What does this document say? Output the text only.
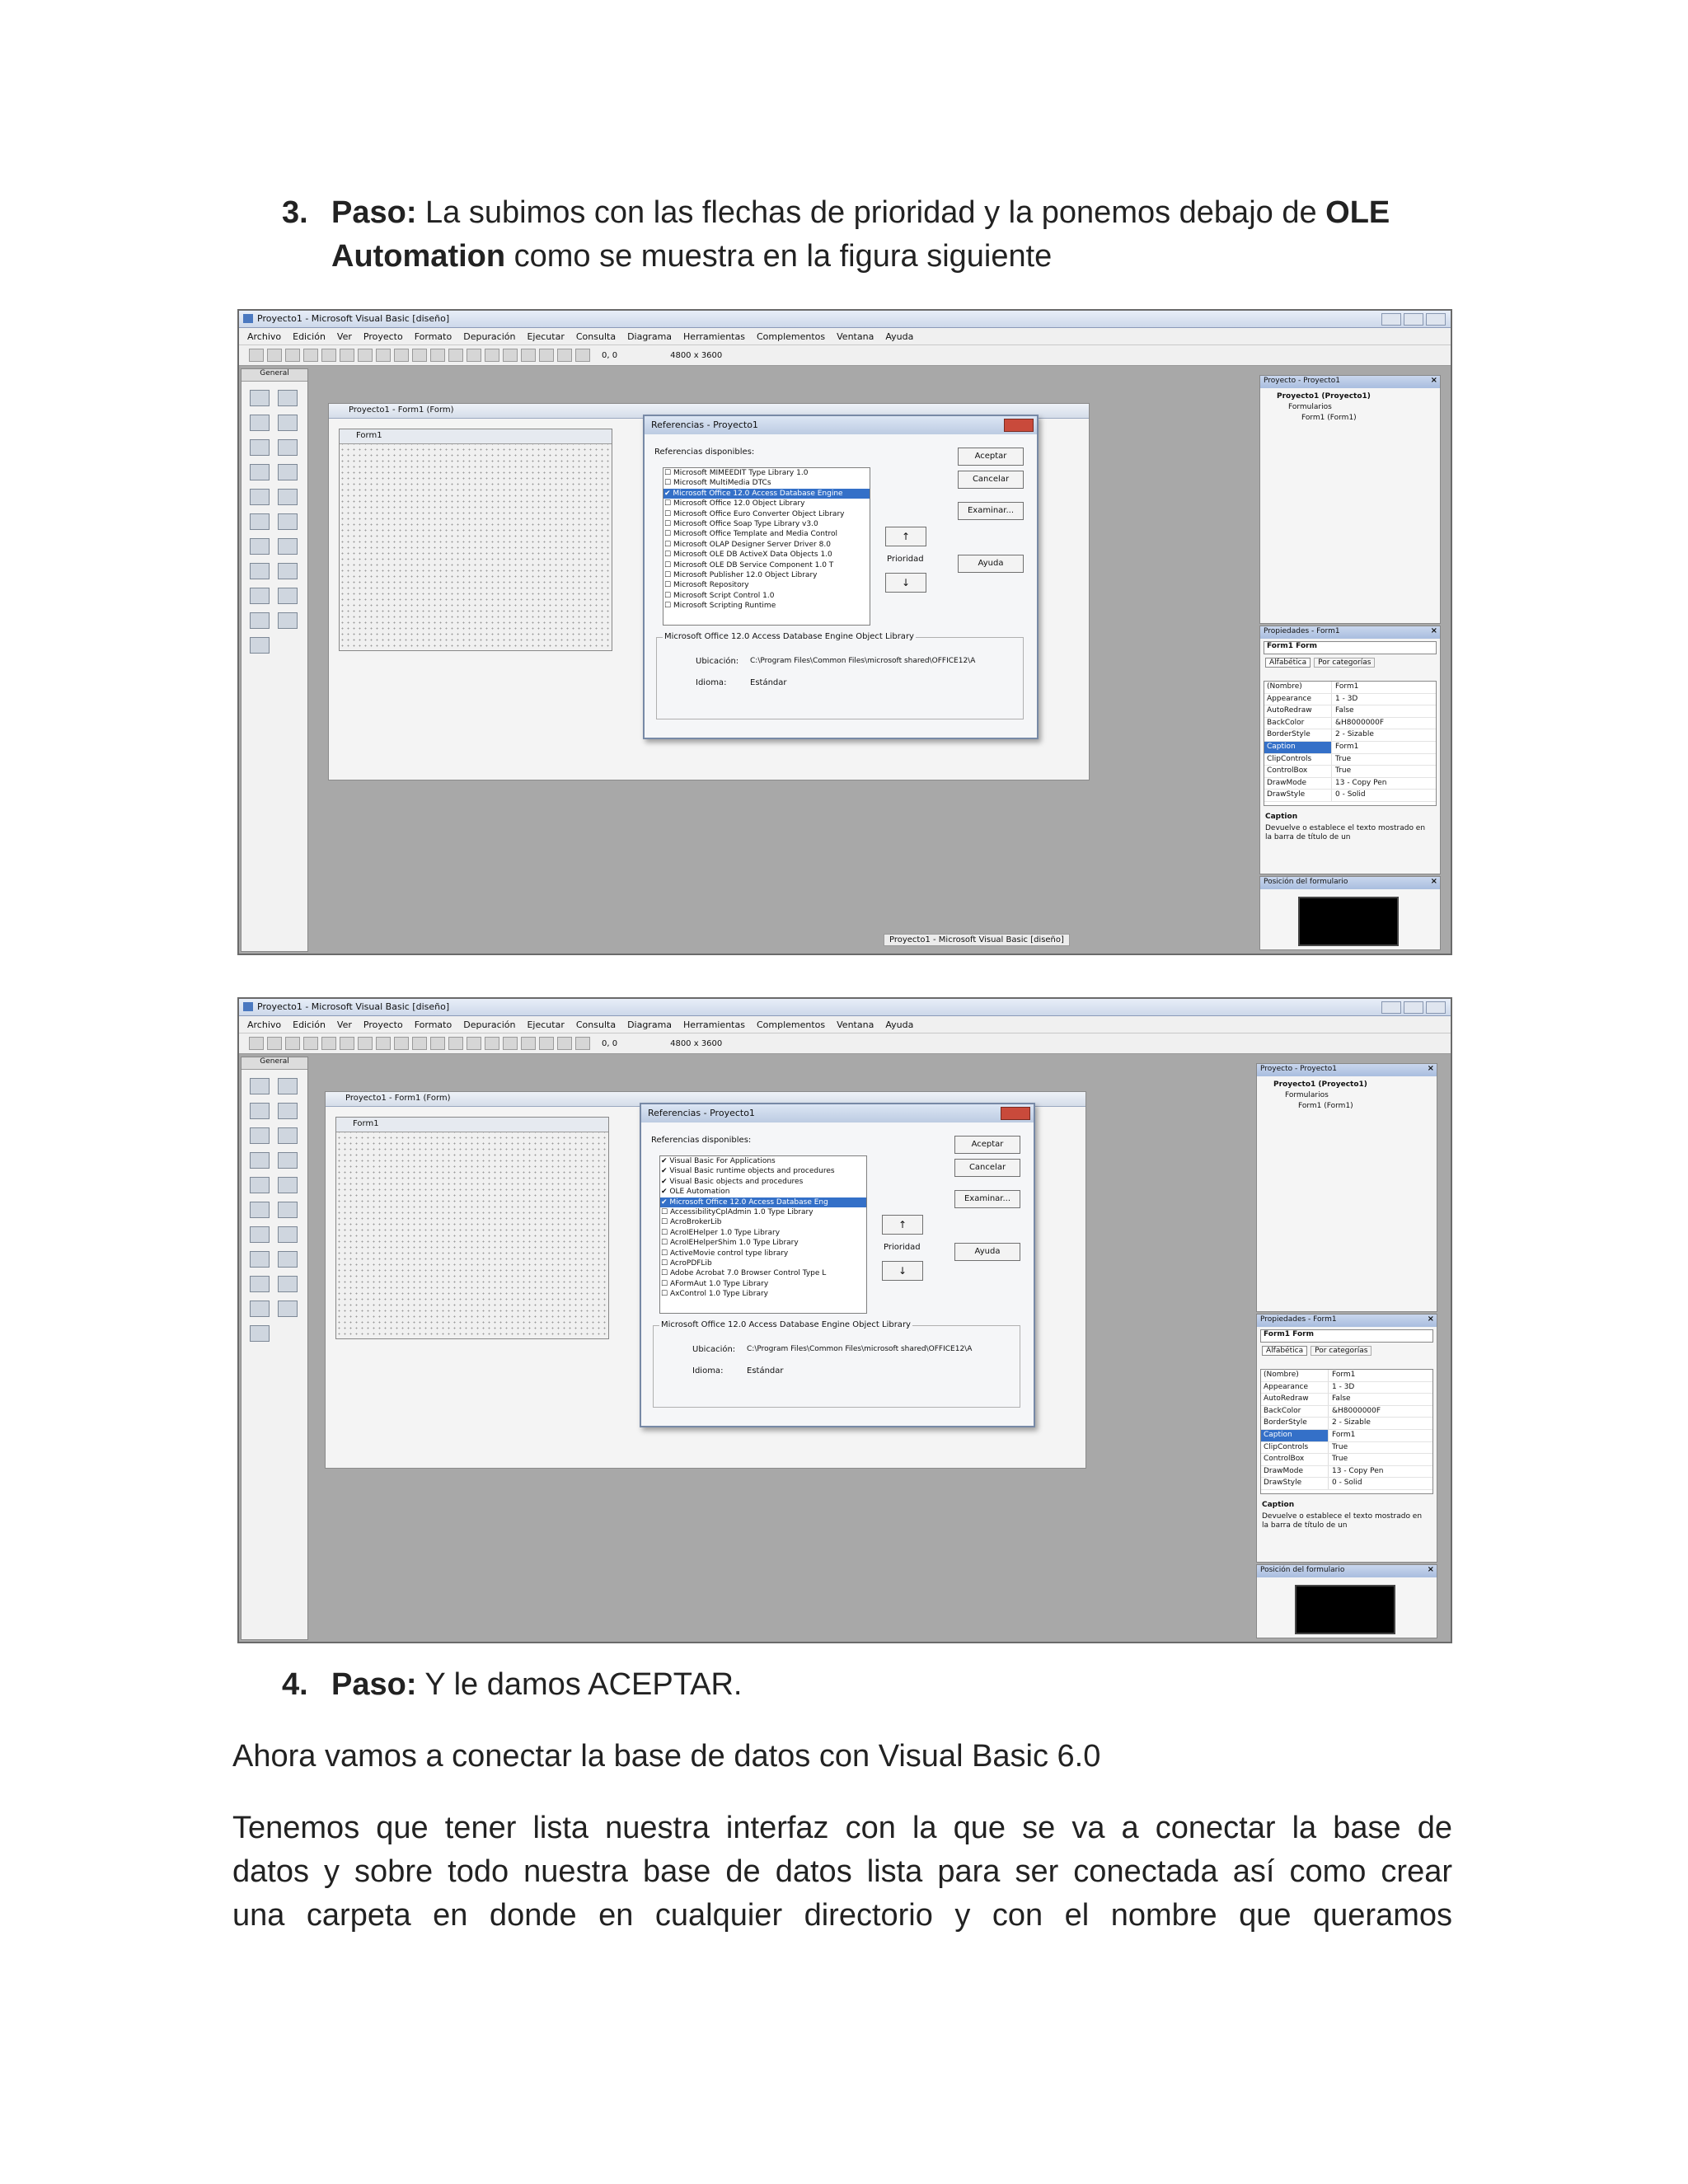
3. Paso: La subimos con las flechas de prioridad y la ponemos debajo de OLE
Automation como se muestra en la figura siguiente
Proyecto1 - Microsoft Visual Basic [diseño]
Archivo Edición Ver Proyecto Formato Depuración Ejecutar Consulta Diagrama Herramientas Complementos Ventana Ayuda
0, 0	4800 x 3600
General
Proyecto1 - Form1 (Form)
Form1
Referencias - Proyecto1
Referencias disponibles:
☐ Microsoft MIMEEDIT Type Library 1.0
☐ Microsoft MultiMedia DTCs
✔ Microsoft Office 12.0 Access Database Engine
☐ Microsoft Office 12.0 Object Library
☐ Microsoft Office Euro Converter Object Library
☐ Microsoft Office Soap Type Library v3.0
☐ Microsoft Office Template and Media Control
☐ Microsoft OLAP Designer Server Driver 8.0
☐ Microsoft OLE DB ActiveX Data Objects 1.0
☐ Microsoft OLE DB Service Component 1.0 T
☐ Microsoft Publisher 12.0 Object Library
☐ Microsoft Repository
☐ Microsoft Script Control 1.0
☐ Microsoft Scripting Runtime
Aceptar
Cancelar
Examinar...
↑
Prioridad
↓
Ayuda
Microsoft Office 12.0 Access Database Engine Object Library
Ubicación: C:\Program Files\Common Files\microsoft shared\OFFICE12\A
Idioma:	Estándar
Proyecto - Proyecto1	×
Proyecto1 (Proyecto1)
Formularios
Form1 (Form1)
Propiedades - Form1	×
Form1 Form
Alfabética	Por categorías
(Nombre)	Form1
Appearance	1 - 3D
AutoRedraw	False
BackColor	&H8000000F
BorderStyle	2 - Sizable
Caption	Form1
ClipControls	True
ControlBox	True
DrawMode	13 - Copy Pen
DrawStyle	0 - Solid
Caption
Devuelve o establece el texto mostrado en la barra de título de un
Posición del formulario	×
Proyecto1 - Microsoft Visual Basic [diseño]
Proyecto1 - Microsoft Visual Basic [diseño]
Archivo Edición Ver Proyecto Formato Depuración Ejecutar Consulta Diagrama Herramientas Complementos Ventana Ayuda
0, 0	4800 x 3600
General
Proyecto1 - Form1 (Form)
Form1
Referencias - Proyecto1
Referencias disponibles:
✔ Visual Basic For Applications
✔ Visual Basic runtime objects and procedures
✔ Visual Basic objects and procedures
✔ OLE Automation
✔ Microsoft Office 12.0 Access Database Eng
☐ AccessibilityCplAdmin 1.0 Type Library
☐ AcroBrokerLib
☐ AcroIEHelper 1.0 Type Library
☐ AcroIEHelperShim 1.0 Type Library
☐ ActiveMovie control type library
☐ AcroPDFLib
☐ Adobe Acrobat 7.0 Browser Control Type L
☐ AFormAut 1.0 Type Library
☐ AxControl 1.0 Type Library
Aceptar
Cancelar
Examinar...
↑
Prioridad
↓
Ayuda
Microsoft Office 12.0 Access Database Engine Object Library
Ubicación: C:\Program Files\Common Files\microsoft shared\OFFICE12\A
Idioma:	Estándar
Proyecto - Proyecto1	×
Proyecto1 (Proyecto1)
Formularios
Form1 (Form1)
Propiedades - Form1	×
Form1 Form
Alfabética	Por categorías
(Nombre)	Form1
Appearance	1 - 3D
AutoRedraw	False
BackColor	&H8000000F
BorderStyle	2 - Sizable
Caption	Form1
ClipControls	True
ControlBox	True
DrawMode	13 - Copy Pen
DrawStyle	0 - Solid
Caption
Devuelve o establece el texto mostrado en la barra de título de un
Posición del formulario	×
4. Paso: Y le damos ACEPTAR.
Ahora vamos a conectar la base de datos con Visual Basic 6.0
Tenemos que tener lista nuestra interfaz con la que se va a conectar la base de
datos y sobre todo nuestra base de datos lista para ser conectada así como crear
una carpeta en donde en cualquier directorio y con el nombre que queramos
